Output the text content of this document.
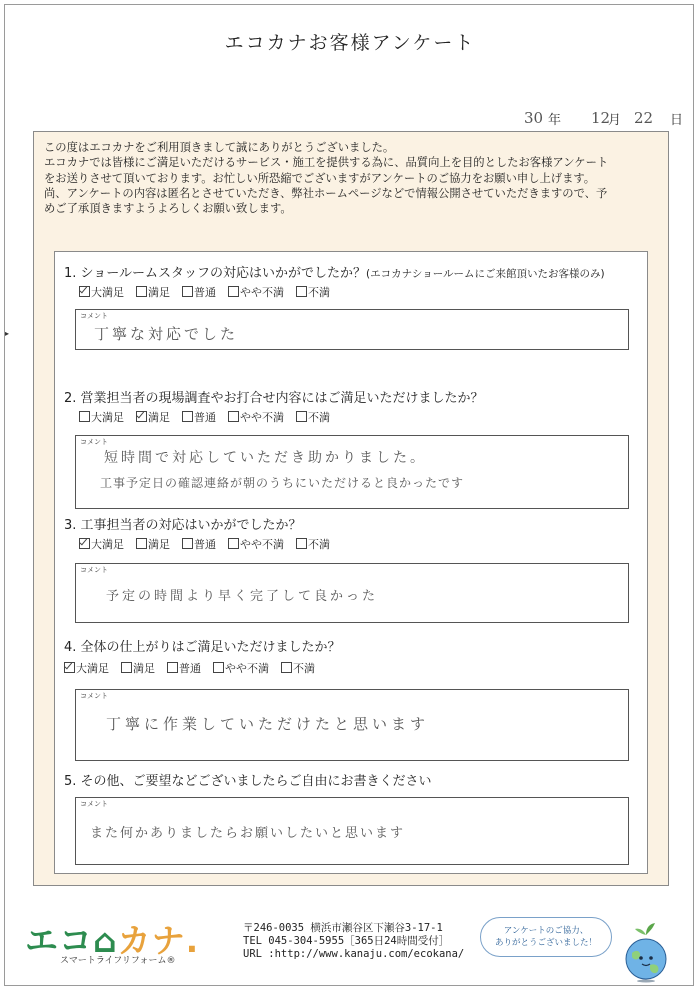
エコカナお客様アンケート
30 年 12
月 22 日
▸
この度はエコカナをご利用頂きまして誠にありがとうございました。
エコカナでは皆様にご満足いただけるサービス・施工を提供する為に、品質向上を目的としたお客様アンケート
をお送りさせて頂いております。お忙しい所恐縮でございますがアンケートのご協力をお願い申し上げます。
尚、アンケートの内容は匿名とさせていただき、弊社ホームページなどで情報公開させていただきますので、予
めご了承頂きますようよろしくお願い致します。
1. ショールームスタッフの対応はいかがでしたか？(エコカナショールームにご来館頂いたお客様のみ)
大満足 満足 普通 やや不満 不満
コメント
丁寧な対応でした
2. 営業担当者の現場調査やお打合せ内容にはご満足いただけましたか？
大満足 満足 普通 やや不満 不満
コメント
短時間で対応していただき助かりました。
工事予定日の確認連絡が朝のうちにいただけると良かったです
3. 工事担当者の対応はいかがでしたか？
大満足 満足 普通 やや不満 不満
コメント
予定の時間より早く完了して良かった
4. 全体の仕上がりはご満足いただけましたか？
大満足 満足 普通 やや不満 不満
コメント
丁寧に作業していただけたと思います
5. その他、ご要望などございましたらご自由にお書きください
コメント
また何かありましたらお願いしたいと思います
エコ⌂カナ.
スマートライフリフォーム®
〒246-0035 横浜市瀬谷区下瀬谷3-17-1
TEL 045-304-5955［365日24時間受付］
URL :http://www.kanaju.com/ecokana/
アンケートのご協力、
ありがとうございました！
